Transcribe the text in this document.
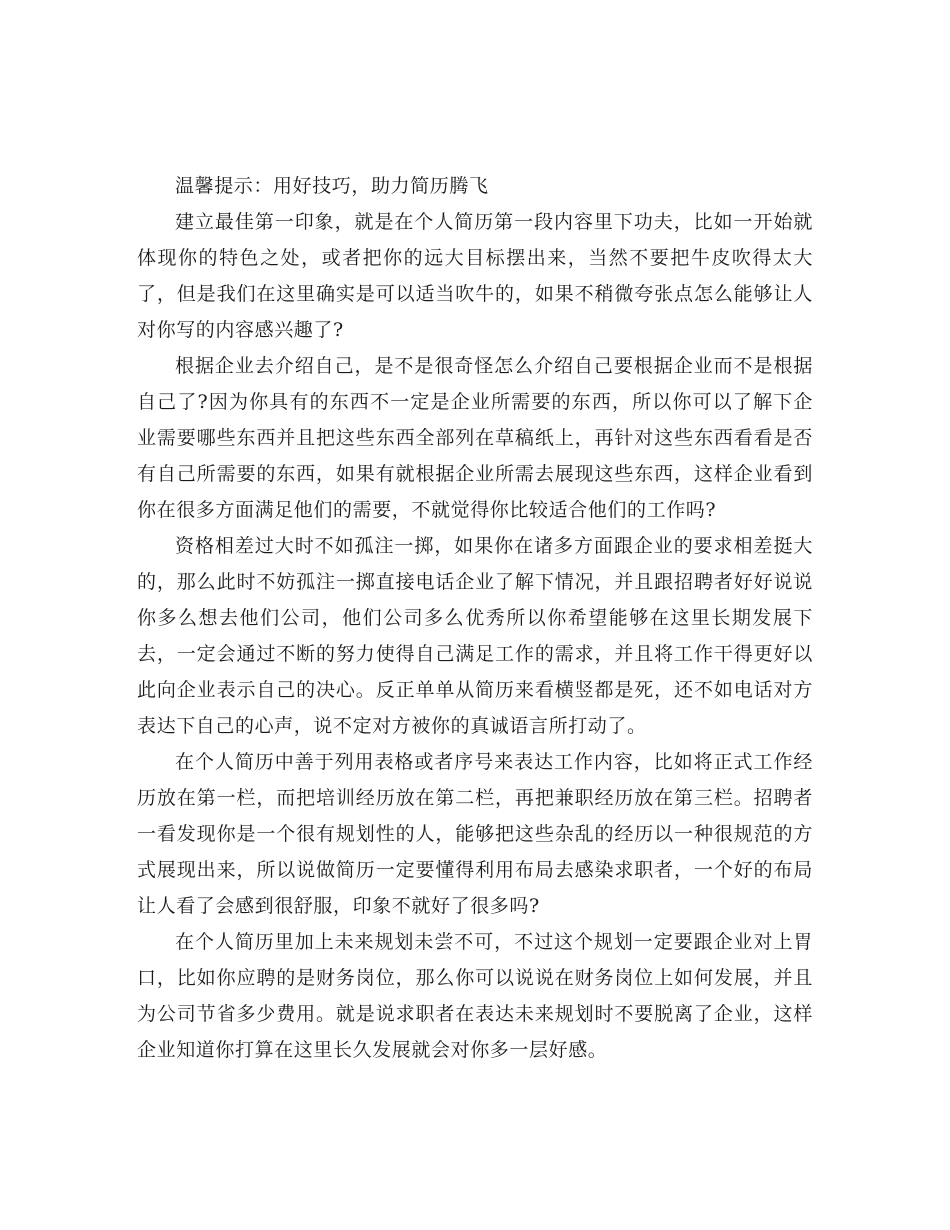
温馨提示：用好技巧，助力简历腾飞

建立最佳第一印象，就是在个人简历第一段内容里下功夫，比如一开始就体现你的特色之处，或者把你的远大目标摆出来，当然不要把牛皮吹得太大了，但是我们在这里确实是可以适当吹牛的，如果不稍微夸张点怎么能够让人对你写的内容感兴趣了?

根据企业去介绍自己，是不是很奇怪怎么介绍自己要根据企业而不是根据自己了?因为你具有的东西不一定是企业所需要的东西，所以你可以了解下企业需要哪些东西并且把这些东西全部列在草稿纸上，再针对这些东西看看是否有自己所需要的东西，如果有就根据企业所需去展现这些东西，这样企业看到你在很多方面满足他们的需要，不就觉得你比较适合他们的工作吗?

资格相差过大时不如孤注一掷，如果你在诸多方面跟企业的要求相差挺大的，那么此时不妨孤注一掷直接电话企业了解下情况，并且跟招聘者好好说说你多么想去他们公司，他们公司多么优秀所以你希望能够在这里长期发展下去，一定会通过不断的努力使得自己满足工作的需求，并且将工作干得更好以此向企业表示自己的决心。反正单单从简历来看横竖都是死，还不如电话对方表达下自己的心声，说不定对方被你的真诚语言所打动了。

在个人简历中善于列用表格或者序号来表达工作内容，比如将正式工作经历放在第一栏，而把培训经历放在第二栏，再把兼职经历放在第三栏。招聘者一看发现你是一个很有规划性的人，能够把这些杂乱的经历以一种很规范的方式展现出来，所以说做简历一定要懂得利用布局去感染求职者，一个好的布局让人看了会感到很舒服，印象不就好了很多吗?

在个人简历里加上未来规划未尝不可，不过这个规划一定要跟企业对上胃口，比如你应聘的是财务岗位，那么你可以说说在财务岗位上如何发展，并且为公司节省多少费用。就是说求职者在表达未来规划时不要脱离了企业，这样企业知道你打算在这里长久发展就会对你多一层好感。
